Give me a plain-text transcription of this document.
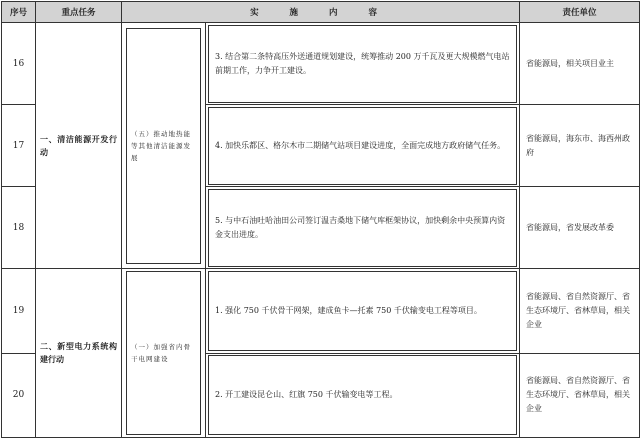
序号	重点任务	实 施 内 容		责任单位
16	一、清洁能源开发行动	（五）推动地热能等其他清洁能源发展	3. 结合第二条特高压外送通道规划建设，统筹推动 200 万千瓦及更大规模燃气电站前期工作，力争开工建设。	省能源局，相关项目业主
17			4. 加快乐都区、格尔木市二期储气站项目建设进度，全面完成地方政府储气任务。	省能源局，海东市、海西州政府
18			5. 与中石油吐哈油田公司签订温吉桑地下储气库框架协议，加快剩余中央预算内资金支出进度。	省能源局，省发展改革委
19	二、新型电力系统构建行动	（一）加强省内骨干电网建设	1. 强化 750 千伏骨干网架，建成鱼卡—托素 750 千伏输变电工程等项目。	省能源局、省自然资源厅、省生态环境厅、省林草局，相关企业
20			2. 开工建设昆仑山、红旗 750 千伏输变电等工程。	省能源局、省自然资源厅、省生态环境厅、省林草局，相关企业
